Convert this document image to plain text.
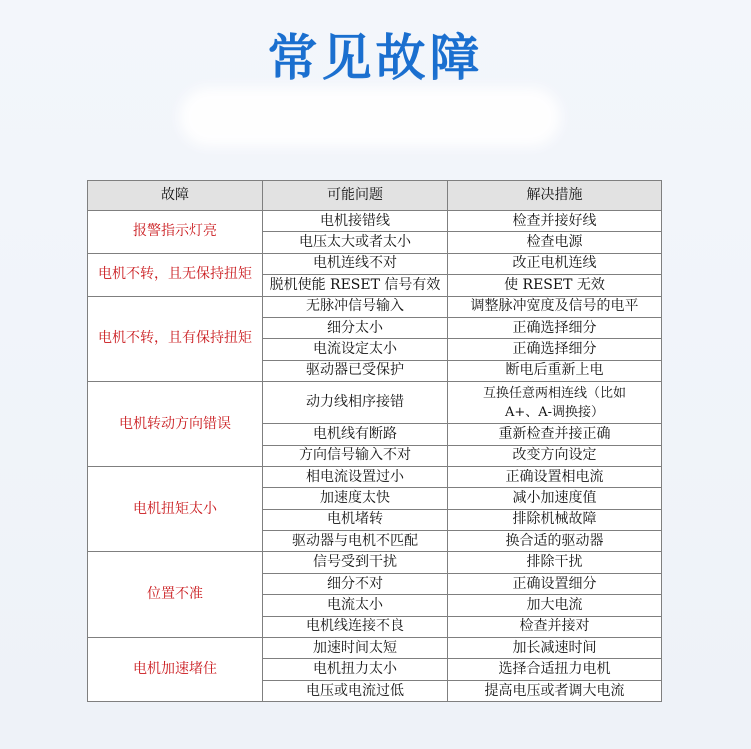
常见故障
故障	可能问题	解决措施
报警指示灯亮	电机接错线	检查并接好线
	电压太大或者太小	检查电源
电机不转，且无保持扭矩	电机连线不对	改正电机连线
	脱机使能 RESET 信号有效	使 RESET 无效
电机不转，且有保持扭矩	无脉冲信号输入	调整脉冲宽度及信号的电平
	细分太小	正确选择细分
	电流设定太小	正确选择细分
	驱动器已受保护	断电后重新上电
电机转动方向错误	动力线相序接错	互换任意两相连线（比如
A+、A-调换接）

	电机线有断路	重新检查并接正确
	方向信号输入不对	改变方向设定
电机扭矩太小	相电流设置过小	正确设置相电流
	加速度太快	减小加速度值
	电机堵转	排除机械故障
	驱动器与电机不匹配	换合适的驱动器
位置不准	信号受到干扰	排除干扰
	细分不对	正确设置细分
	电流太小	加大电流
	电机线连接不良	检查并接对
电机加速堵住	加速时间太短	加长减速时间
	电机扭力太小	选择合适扭力电机
	电压或电流过低	提高电压或者调大电流
